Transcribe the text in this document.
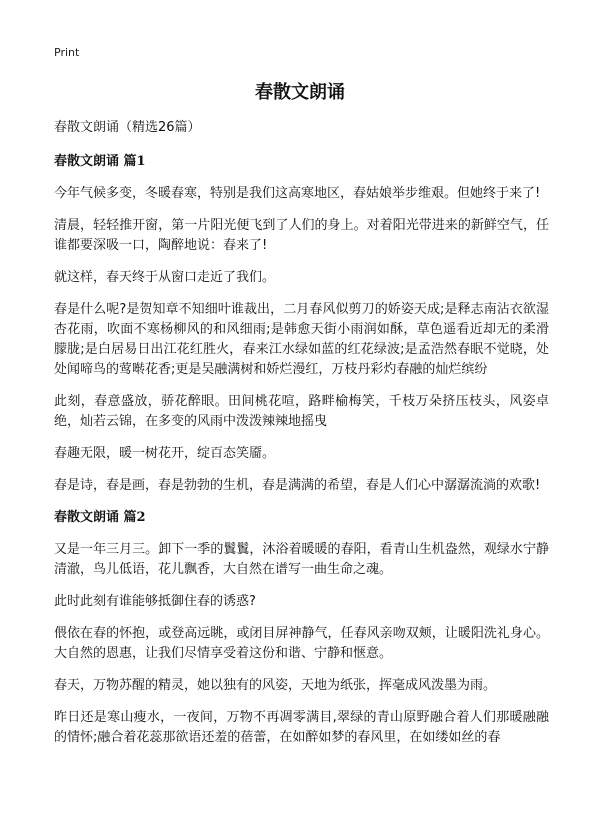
Print
春散文朗诵

春散文朗诵（精选26篇）

春散文朗诵 篇1

今年气候多变，冬暖春寒，特别是我们这高寒地区，春姑娘举步维艰。但她终于来了!

清晨，轻轻推开窗，第一片阳光便飞到了人们的身上。对着阳光带进来的新鲜空气，任谁都要深吸一口，陶醉地说：春来了!

就这样，春天终于从窗口走近了我们。

春是什么呢?是贺知章不知细叶谁裁出，二月春风似剪刀的娇姿天成;是释志南沾衣欲湿杏花雨，吹面不寒杨柳风的和风细雨;是韩愈天街小雨润如酥，草色遥看近却无的柔滑朦胧;是白居易日出江花红胜火，春来江水绿如蓝的红花绿波;是孟浩然春眠不觉晓，处处闻啼鸟的莺啭花香;更是吴融满树和娇烂漫红，万枝丹彩灼春融的灿烂缤纷

此刻，春意盛放，骄花醉眼。田间桃花喧，路畔榆梅笑，千枝万朵挤压枝头，风姿卓绝，灿若云锦，在多变的风雨中泼泼辣辣地摇曳

春趣无限，暖一树花开，绽百态笑靥。

春是诗，春是画，春是勃勃的生机，春是满满的希望，春是人们心中潺潺流淌的欢歌!

春散文朗诵 篇2

又是一年三月三。卸下一季的鬒鬒，沐浴着暖暖的春阳，看青山生机盎然，观绿水宁静清澈，鸟儿低语，花儿飘香，大自然在谱写一曲生命之魂。

此时此刻有谁能够抵御住春的诱惑?

偎依在春的怀抱，或登高远眺，或闭目屏神静气，任春风亲吻双颊，让暖阳洗礼身心。大自然的恩惠，让我们尽情享受着这份和谐、宁静和惬意。

春天，万物苏醒的精灵，她以独有的风姿，天地为纸张，挥毫成风泼墨为雨。

昨日还是寒山瘦水，一夜间，万物不再凋零满目,翠绿的青山原野融合着人们那暖融融的情怀;融合着花蕊那欲语还羞的蓓蕾，在如醉如梦的春风里，在如缕如丝的春
